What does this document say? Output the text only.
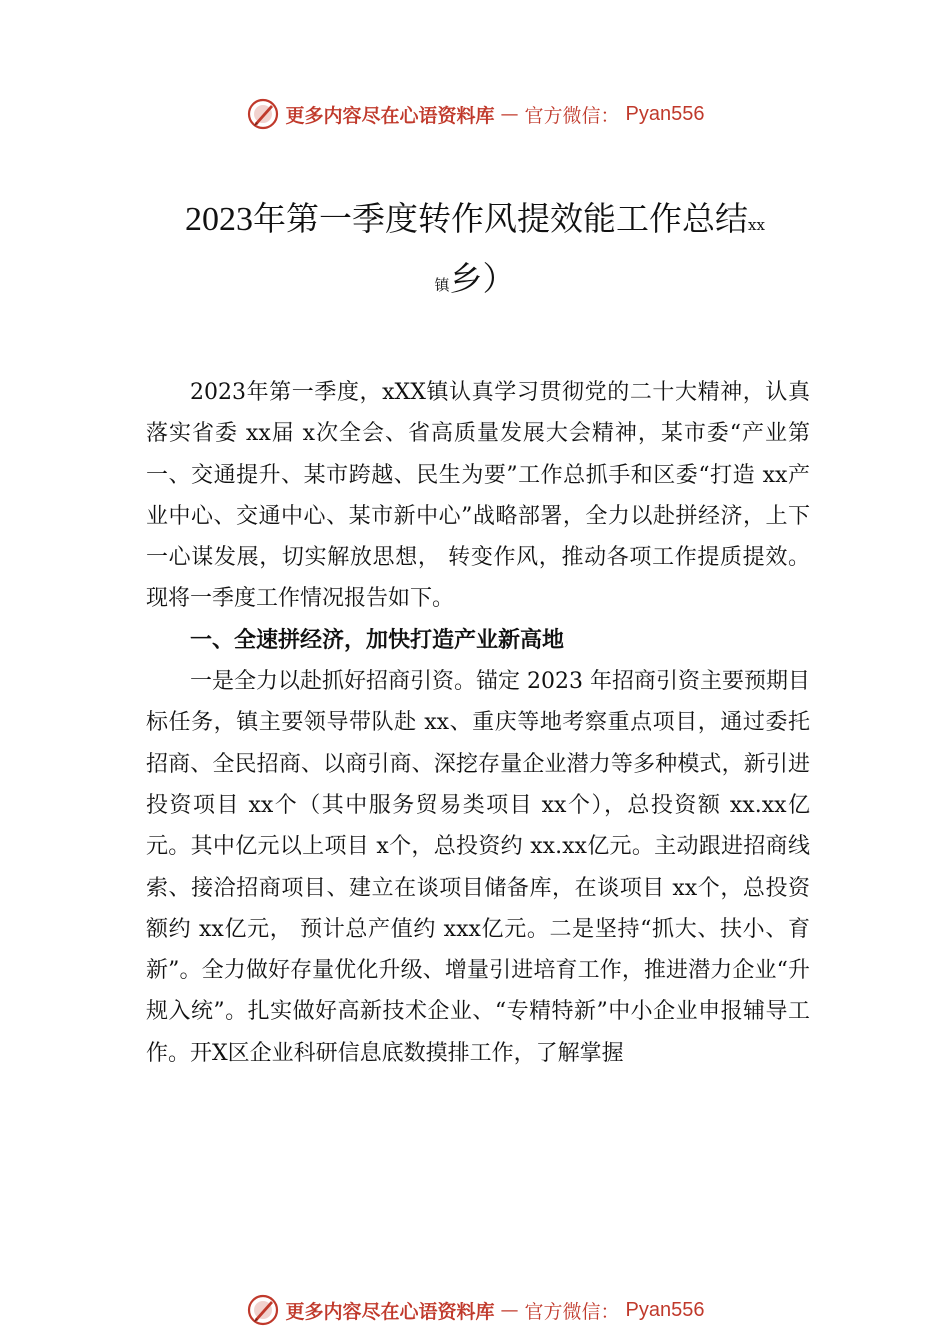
更多内容尽在心语资料库 — 官方微信： Pyan556
2023年第一季度转作风提效能工作总结xx
镇乡）

2023年第一季度，xXX镇认真学习贯彻党的二十大精神，认真落实省委 xx届 x次全会、省高质量发展大会精神，某市委“产业第一、交通提升、某市跨越、民生为要”工作总抓手和区委“打造 xx产业中心、交通中心、某市新中心”战略部署，全力以赴拼经济，上下一心谋发展，切实解放思想， 转变作风，推动各项工作提质提效。现将一季度工作情况报告如下。

一、全速拼经济，加快打造产业新高地

一是全力以赴抓好招商引资。锚定 2023 年招商引资主要预期目标任务，镇主要领导带队赴 xx、重庆等地考察重点项目，通过委托招商、全民招商、以商引商、深挖存量企业潜力等多种模式，新引进投资项目 xx个（其中服务贸易类项目 xx个），总投资额 xx.xx亿元。其中亿元以上项目 x个，总投资约 xx.xx亿元。主动跟进招商线索、接洽招商项目、建立在谈项目储备库，在谈项目 xx个，总投资额约 xx亿元， 预计总产值约 xxx亿元。二是坚持“抓大、扶小、育新”。全力做好存量优化升级、增量引进培育工作，推进潜力企业“升规入统”。扎实做好高新技术企业、“专精特新”中小企业申报辅导工作。开X区企业科研信息底数摸排工作，了解掌握

更多内容尽在心语资料库 — 官方微信： Pyan556
